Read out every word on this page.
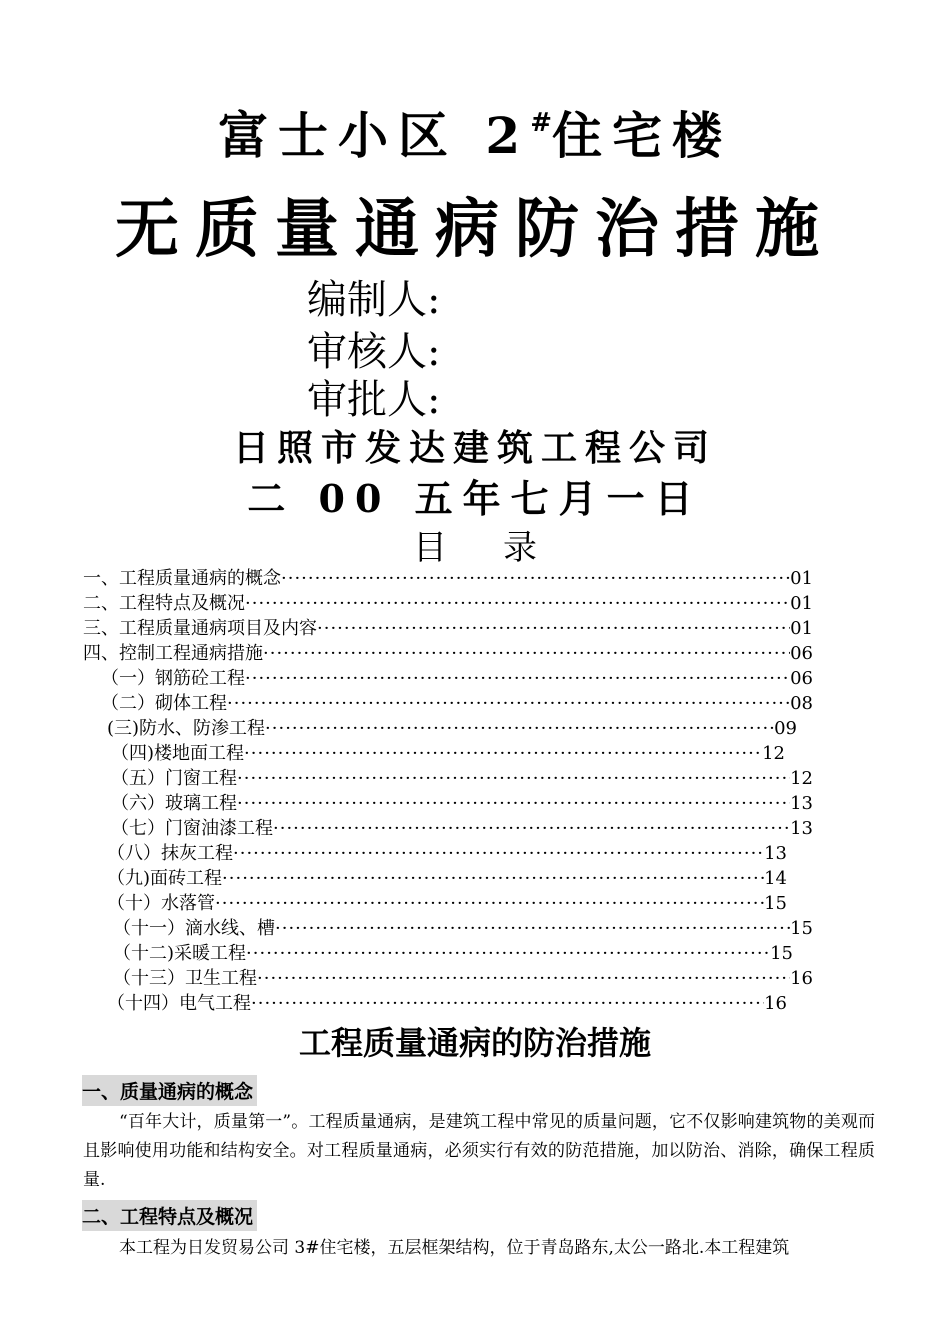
富士小区 2#住宅楼
无质量通病防治措施
编制人:
审核人:
审批人:
日照市发达建筑工程公司
二 00 五年七月一日
目录
一、工程质量通病的概念 ·····	01
二、工程特点及概况 ·····	01
三、工程质量通病项目及内容 ·····	01
四、控制工程通病措施 ·····	06
（一）钢筋砼工程 ·····	06
（二）砌体工程 ·····	08
(三)防水、防渗工程 ·····	09
（四)楼地面工程 ·····	12
（五）门窗工程 ·····	12
（六）玻璃工程 ·····	13
（七）门窗油漆工程 ·····	13
（八）抹灰工程 ·····	13
（九)面砖工程 ·····	14
（十）水落管 ·····	15
（十一）滴水线、槽 ·····	15
（十二)采暖工程 ·····	15
（十三）卫生工程 ·····	16
（十四）电气工程 ·····	16
工程质量通病的防治措施
一、质量通病的概念
“百年大计，质量第一”。工程质量通病，是建筑工程中常见的质量问题，它不仅影响建筑物的美观而且影响使用功能和结构安全。对工程质量通病，必须实行有效的防范措施，加以防治、消除，确保工程质量.
二、工程特点及概况
本工程为日发贸易公司 3#住宅楼，五层框架结构，位于青岛路东,太公一路北.本工程建筑
